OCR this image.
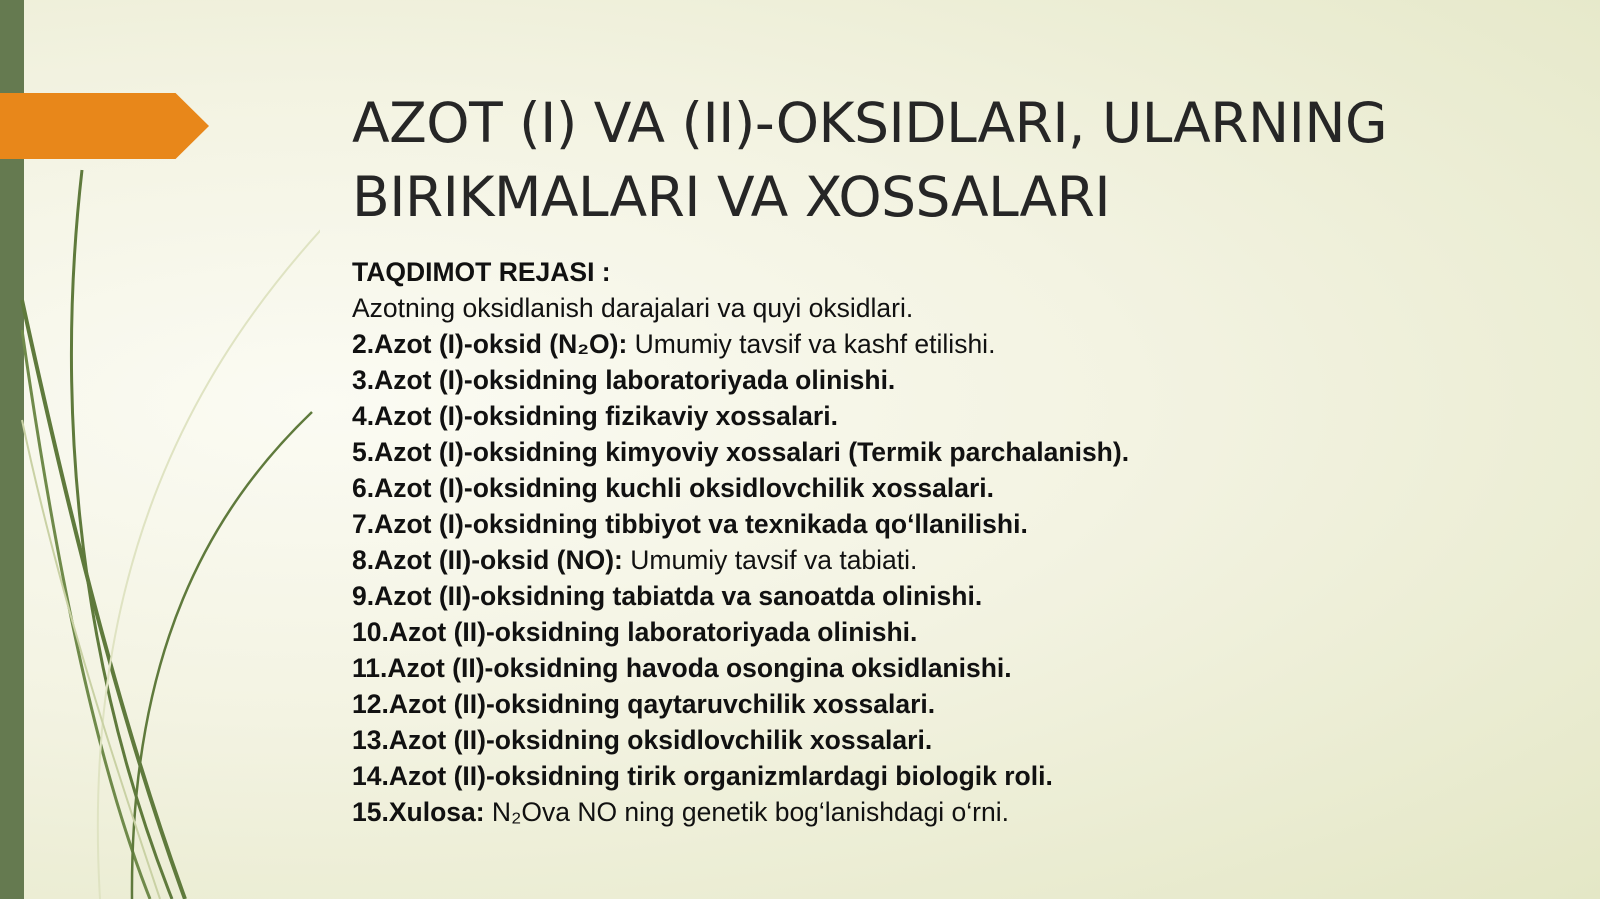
AZOT (I) VA (II)-OKSIDLARI, ULARNING
BIRIKMALARI VA XOSSALARI
TAQDIMOT REJASI :
Azotning oksidlanish darajalari va quyi oksidlari.
2.Azot (I)-oksid (N₂O): Umumiy tavsif va kashf etilishi.
3.Azot (I)-oksidning laboratoriyada olinishi.
4.Azot (I)-oksidning fizikaviy xossalari.
5.Azot (I)-oksidning kimyoviy xossalari (Termik parchalanish).
6.Azot (I)-oksidning kuchli oksidlovchilik xossalari.
7.Azot (I)-oksidning tibbiyot va texnikada qo‘llanilishi.
8.Azot (II)-oksid (NO): Umumiy tavsif va tabiati.
9.Azot (II)-oksidning tabiatda va sanoatda olinishi.
10.Azot (II)-oksidning laboratoriyada olinishi.
11.Azot (II)-oksidning havoda osongina oksidlanishi.
12.Azot (II)-oksidning qaytaruvchilik xossalari.
13.Azot (II)-oksidning oksidlovchilik xossalari.
14.Azot (II)-oksidning tirik organizmlardagi biologik roli.
15.Xulosa: N₂Ova NO ning genetik bog‘lanishdagi o‘rni.
